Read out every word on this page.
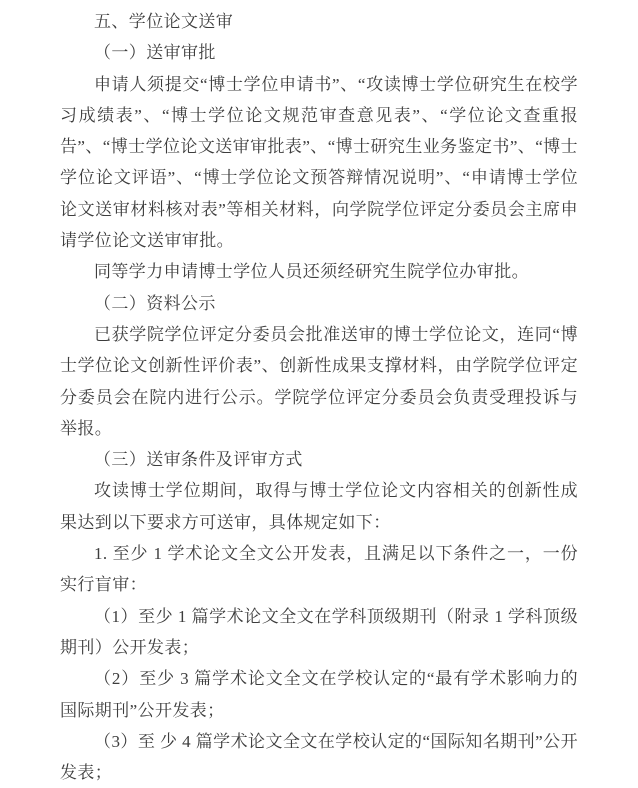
五、学位论文送审

（一）送审审批

申请人须提交“博士学位申请书”、“攻读博士学位研究生在校学习成绩表”、“博士学位论文规范审查意见表”、“学位论文查重报告”、“博士学位论文送审审批表”、“博士研究生业务鉴定书”、“博士学位论文评语”、“博士学位论文预答辩情况说明”、“申请博士学位论文送审材料核对表”等相关材料，向学院学位评定分委员会主席申请学位论文送审审批。

同等学力申请博士学位人员还须经研究生院学位办审批。

（二）资料公示

已获学院学位评定分委员会批准送审的博士学位论文，连同“博士学位论文创新性评价表”、创新性成果支撑材料，由学院学位评定分委员会在院内进行公示。学院学位评定分委员会负责受理投诉与举报。

（三）送审条件及评审方式

攻读博士学位期间，取得与博士学位论文内容相关的创新性成果达到以下要求方可送审，具体规定如下：

1. 至少 1 学术论文全文公开发表，且满足以下条件之一，一份实行盲审：

（1）至少 1 篇学术论文全文在学科顶级期刊（附录 1 学科顶级期刊）公开发表；

（2）至少 3 篇学术论文全文在学校认定的“最有学术影响力的国际期刊”公开发表；

（3）至 少 4 篇学术论文全文在学校认定的“国际知名期刊”公开发表；
